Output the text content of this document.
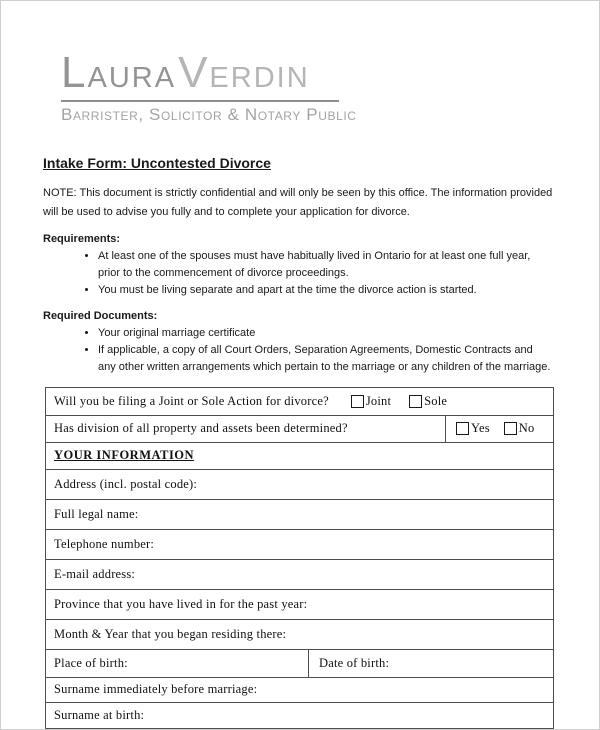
LAURAVERDIN
Barrister, Solicitor & Notary Public
Intake Form: Uncontested Divorce
NOTE: This document is strictly confidential and will only be seen by this office. The information provided will be used to advise you fully and to complete your application for divorce.
Requirements:
• At least one of the spouses must have habitually lived in Ontario for at least one full year, prior to the commencement of divorce proceedings.
• You must be living separate and apart at the time the divorce action is started.
Required Documents:
• Your original marriage certificate
• If applicable, a copy of all Court Orders, Separation Agreements, Domestic Contracts and any other written arrangements which pertain to the marriage or any children of the marriage.
Will you be filing a Joint or Sole Action for divorce?	Joint	Sole
Has division of all property and assets been determined?	Yes No
YOUR INFORMATION
Address (incl. postal code):
Full legal name:
Telephone number:
E-mail address:
Province that you have lived in for the past year:
Month & Year that you began residing there:
Place of birth:	Date of birth:
Surname immediately before marriage:
Surname at birth:
